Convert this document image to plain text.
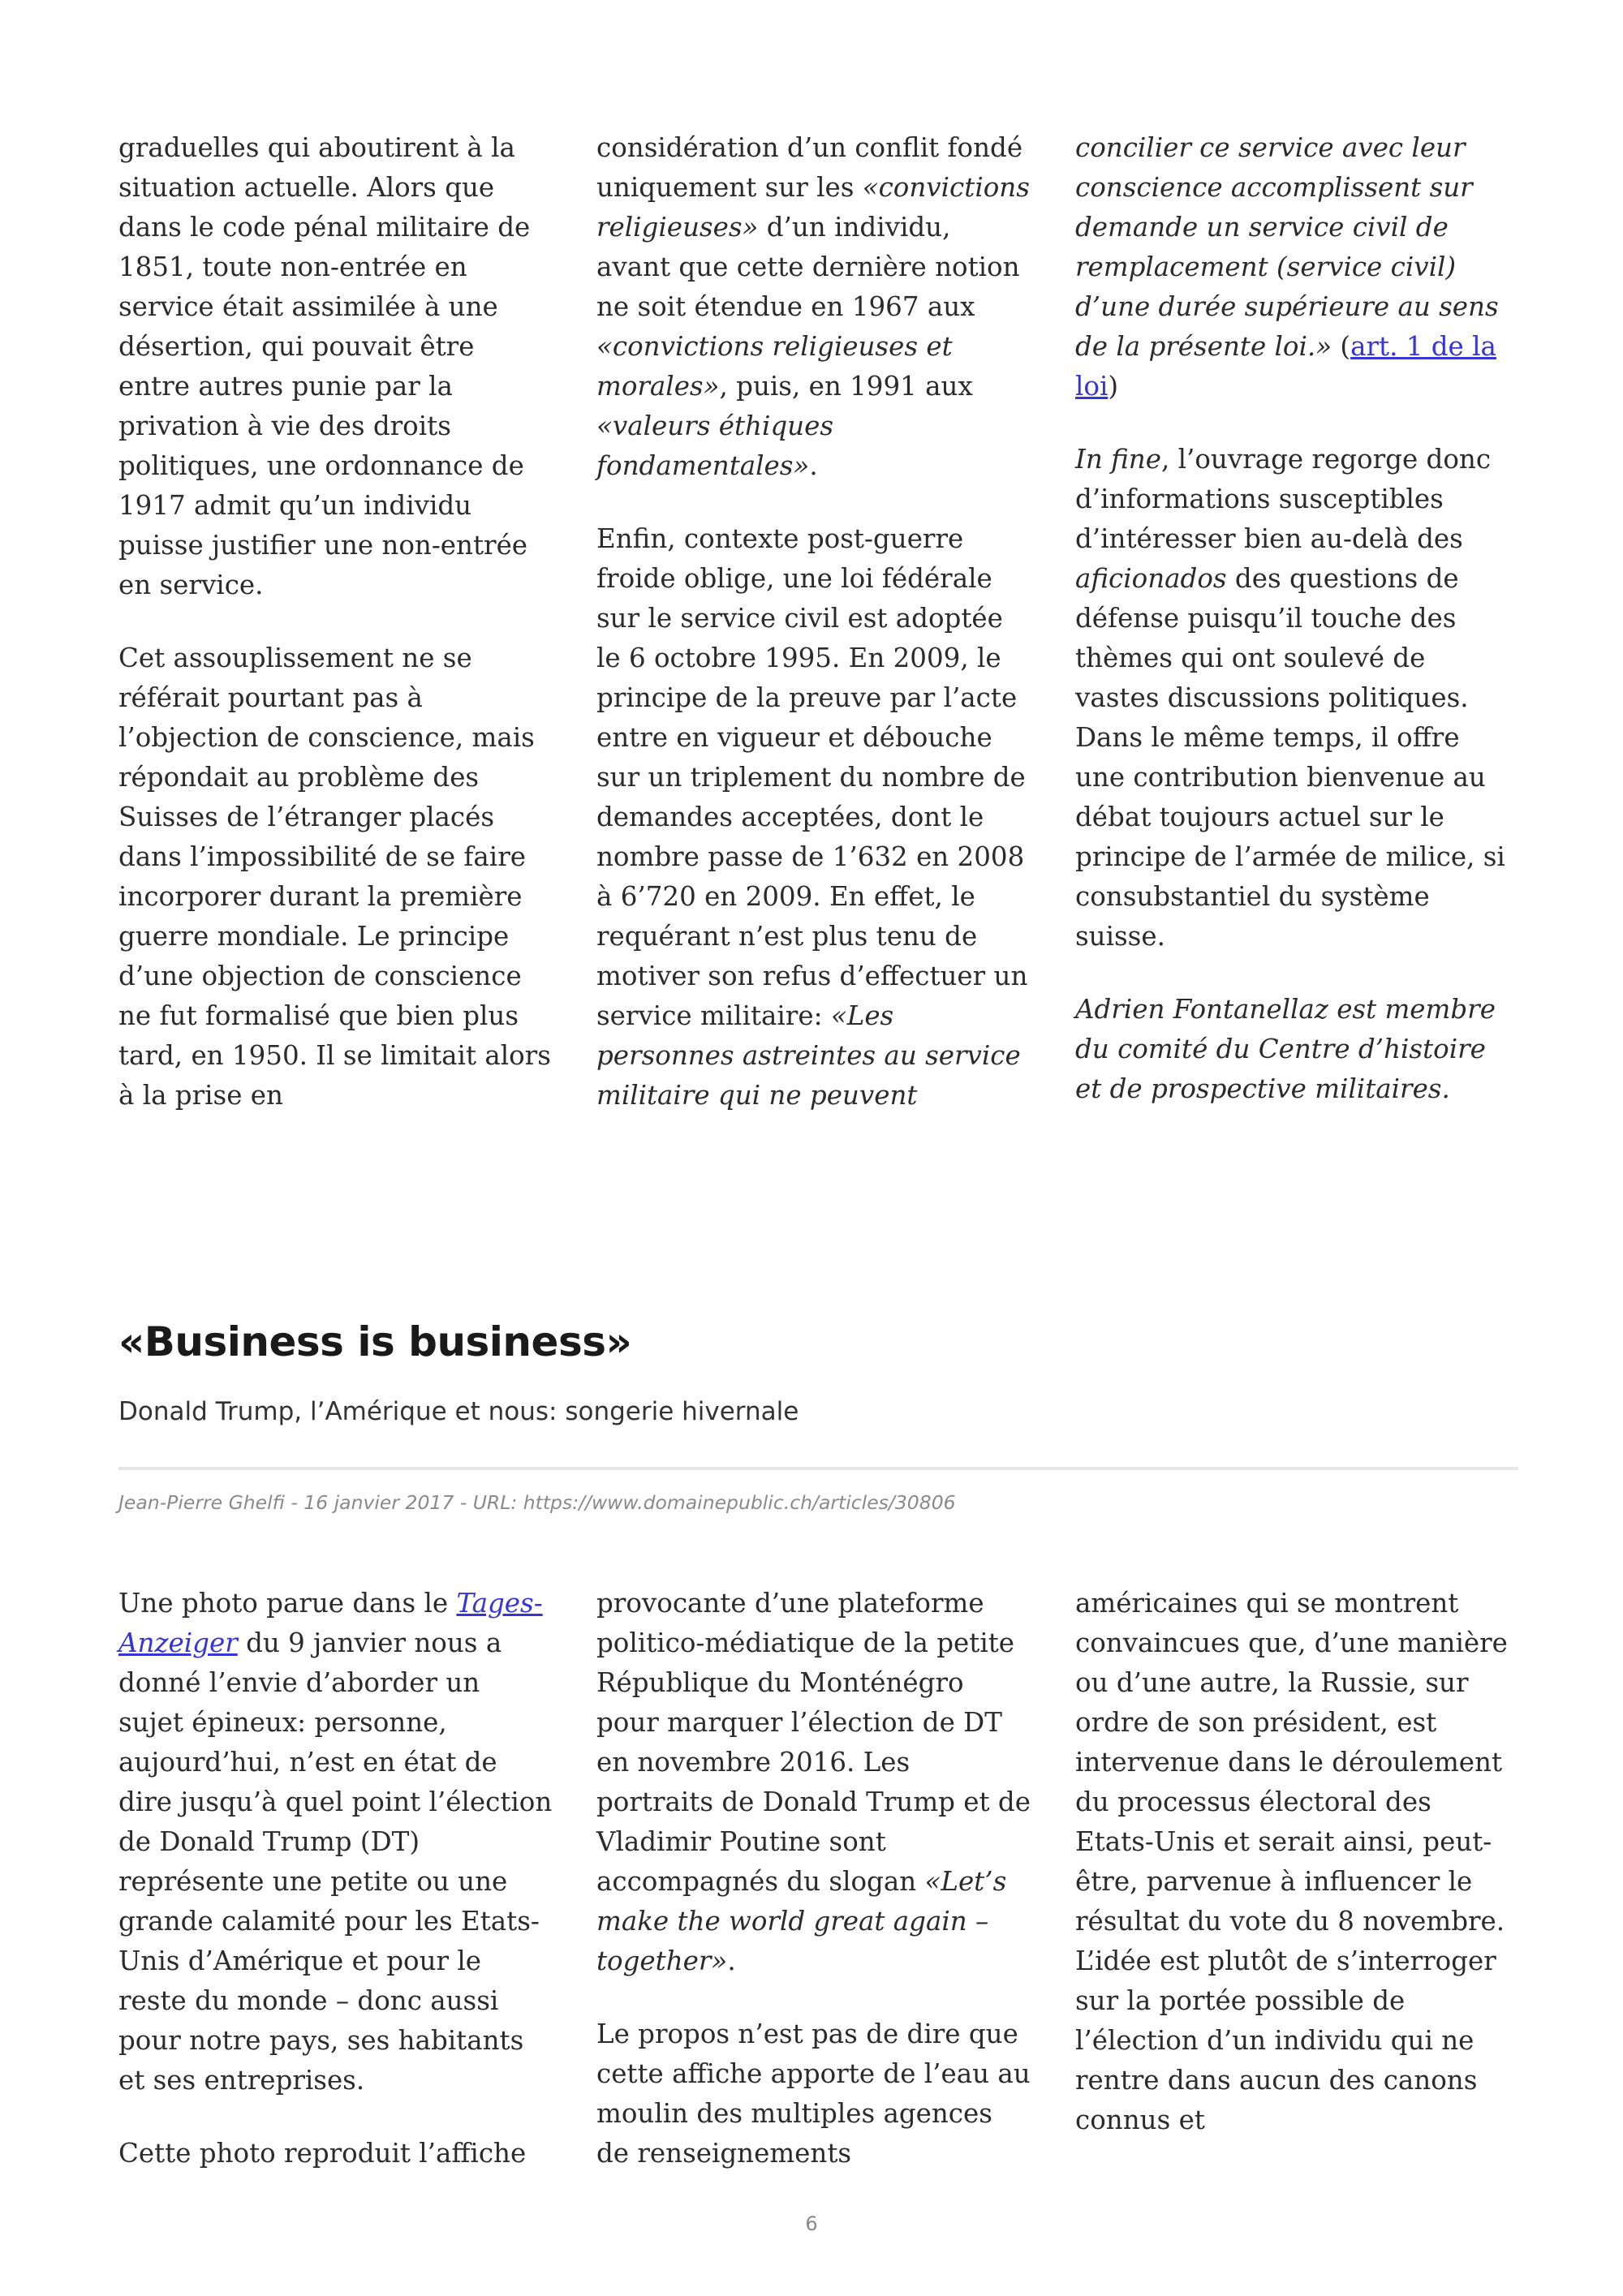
graduelles qui aboutirent à la situation actuelle. Alors que dans le code pénal militaire de 1851, toute non-entrée en service était assimilée à une désertion, qui pouvait être entre autres punie par la privation à vie des droits politiques, une ordonnance de 1917 admit qu’un individu puisse justifier une non-entrée en service.

Cet assouplissement ne se référait pourtant pas à l’objection de conscience, mais répondait au problème des Suisses de l’étranger placés dans l’impossibilité de se faire incorporer durant la première guerre mondiale. Le principe d’une objection de conscience ne fut formalisé que bien plus tard, en 1950. Il se limitait alors à la prise en

considération d’un conflit fondé uniquement sur les «convictions religieuses» d’un individu, avant que cette dernière notion ne soit étendue en 1967 aux «convictions religieuses et morales», puis, en 1991 aux «valeurs éthiques fondamentales».

Enfin, contexte post-guerre froide oblige, une loi fédérale sur le service civil est adoptée le 6 octobre 1995. En 2009, le principe de la preuve par l’acte entre en vigueur et débouche sur un triplement du nombre de demandes acceptées, dont le nombre passe de 1’632 en 2008 à 6’720 en 2009. En effet, le requérant n’est plus tenu de motiver son refus d’effectuer un service militaire: «Les personnes astreintes au service militaire qui ne peuvent

concilier ce service avec leur conscience accomplissent sur demande un service civil de remplacement (service civil) d’une durée supérieure au sens de la présente loi.» (art. 1 de la loi)

In fine, l’ouvrage regorge donc d’informations susceptibles d’intéresser bien au-delà des aficionados des questions de défense puisqu’il touche des thèmes qui ont soulevé de vastes discussions politiques. Dans le même temps, il offre une contribution bienvenue au débat toujours actuel sur le principe de l’armée de milice, si consubstantiel du système suisse.

Adrien Fontanellaz est membre du comité du Centre d’histoire et de prospective militaires.

«Business is business»

Donald Trump, l’Amérique et nous: songerie hivernale

Jean-Pierre Ghelfi - 16 janvier 2017 - URL: https://www.domainepublic.ch/articles/30806

Une photo parue dans le Tages-Anzeiger du 9 janvier nous a donné l’envie d’aborder un sujet épineux: personne, aujourd’hui, n’est en état de dire jusqu’à quel point l’élection de Donald Trump (DT) représente une petite ou une grande calamité pour les Etats-Unis d’Amérique et pour le reste du monde – donc aussi pour notre pays, ses habitants et ses entreprises.

Cette photo reproduit l’affiche

provocante d’une plateforme politico-médiatique de la petite République du Monténégro pour marquer l’élection de DT en novembre 2016. Les portraits de Donald Trump et de Vladimir Poutine sont accompagnés du slogan «Let’s make the world great again – together».

Le propos n’est pas de dire que cette affiche apporte de l’eau au moulin des multiples agences de renseignements

américaines qui se montrent convaincues que, d’une manière ou d’une autre, la Russie, sur ordre de son président, est intervenue dans le déroulement du processus électoral des Etats-Unis et serait ainsi, peut-être, parvenue à influencer le résultat du vote du 8 novembre. L’idée est plutôt de s’interroger sur la portée possible de l’élection d’un individu qui ne rentre dans aucun des canons connus et

6
